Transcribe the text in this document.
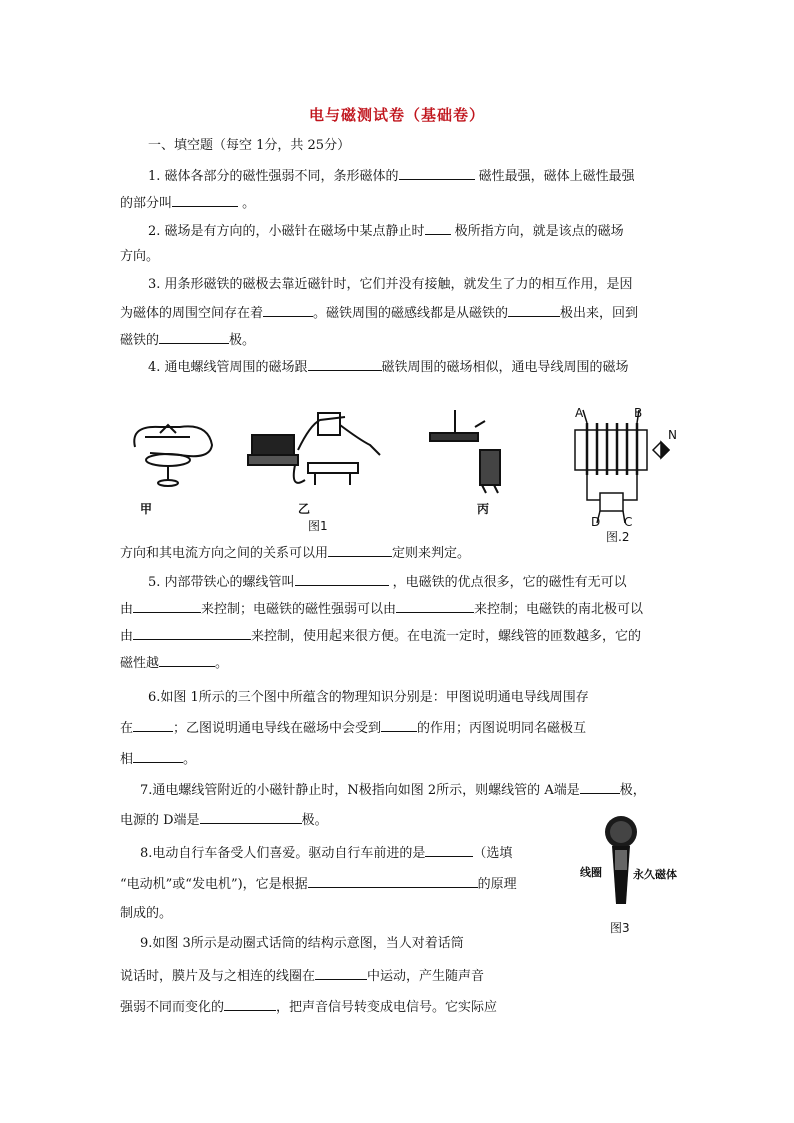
电与磁测试卷（基础卷）
一、填空题（每空 1分，共 25分）
1. 磁体各部分的磁性强弱不同，条形磁体的	磁性最强，磁体上磁性最强
的部分叫	。
2. 磁场是有方向的，小磁针在磁场中某点静止时 极所指方向，就是该点的磁场
方向。
3. 用条形磁铁的磁极去靠近磁针时，它们并没有接触，就发生了力的相互作用，是因
为磁体的周围空间存在着	。磁铁周围的磁感线都是从磁铁的	极出来，回到
磁铁的	极。
4. 通电螺线管周围的磁场跟	磁铁周围的磁场相似，通电导线周围的磁场
甲	乙	丙
图1
A	B
N
D C
图.2
方向和其电流方向之间的关系可以用	定则来判定。
5. 内部带铁心的螺线管叫	，电磁铁的优点很多，它的磁性有无可以
由	来控制；电磁铁的磁性强弱可以由	来控制；电磁铁的南北极可以
由	来控制，使用起来很方便。在电流一定时，螺线管的匝数越多，它的
磁性越	。
6.如图 1所示的三个图中所蕴含的物理知识分别是：甲图说明通电导线周围存
在	；乙图说明通电导线在磁场中会受到	的作用；丙图说明同名磁极互
相	。
7.通电螺线管附近的小磁针静止时，N极指向如图 2所示，则螺线管的 A端是	极，
电源的 D端是	极。
8.电动自行车备受人们喜爱。驱动自行车前进的是	（选填
“电动机”或“发电机”)，它是根据	的原理
制成的。
线圈	永久磁体
图3
9.如图 3所示是动圈式话筒的结构示意图，当人对着话筒
说话时，膜片及与之相连的线圈在	中运动，产生随声音
强弱不同而变化的	，把声音信号转变成电信号。它实际应
